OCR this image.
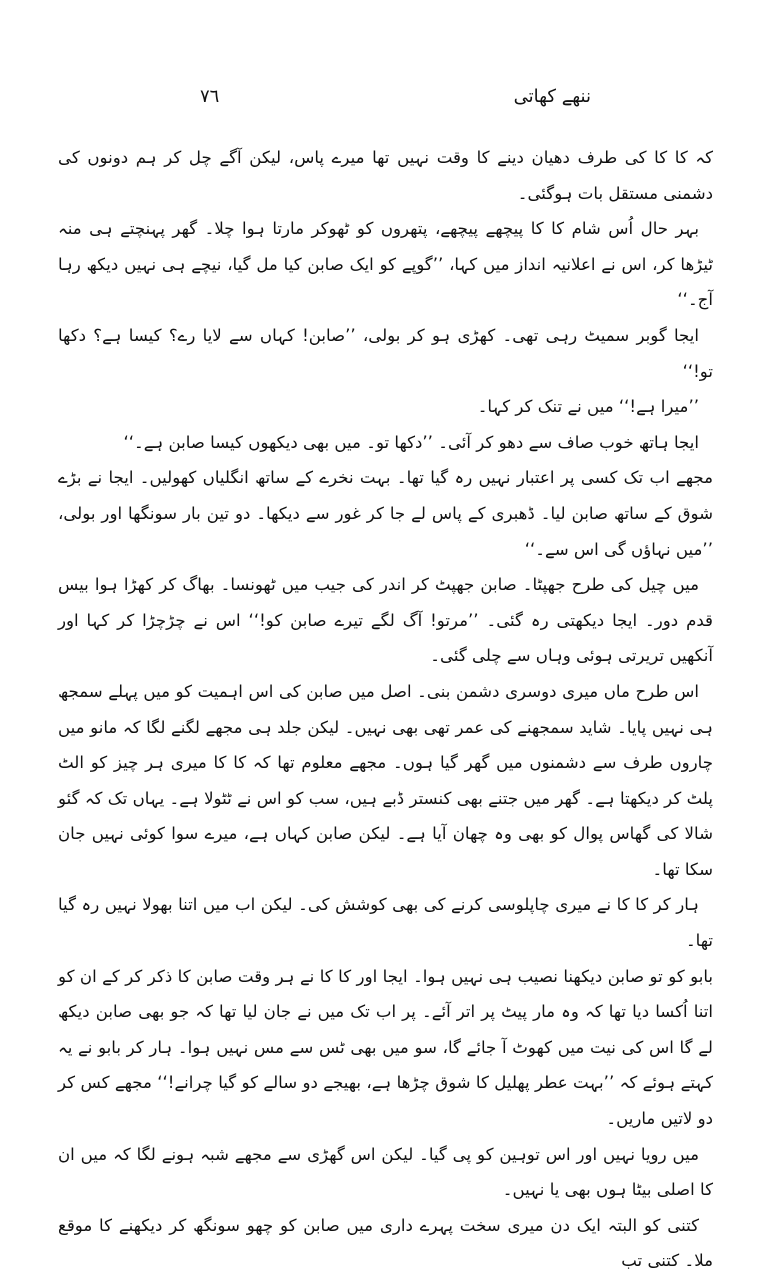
۷٦	ننھے کھاتی

کہ کا کا کی طرف دھیان دینے کا وقت نہیں تھا میرے پاس، لیکن آگے چل کر ہم دونوں کی دشمنی مستقل بات ہوگئی۔

بہر حال اُس شام کا کا پیچھے پیچھے، پتھروں کو ٹھوکر مارتا ہوا چلا۔ گھر پہنچتے ہی منہ ٹیڑھا کر، اس نے اعلانیہ انداز میں کہا، ’’گوپے کو ایک صابن کیا مل گیا، نیچے ہی نہیں دیکھ رہا آج۔‘‘

ایجا گوبر سمیٹ رہی تھی۔ کھڑی ہو کر بولی، ’’صابن! کہاں سے لایا رے؟ کیسا ہے؟ دکھا تو!‘‘

’’میرا ہے!‘‘ میں نے تنک کر کہا۔

ایجا ہاتھ خوب صاف سے دھو کر آئی۔ ’’دکھا تو۔ میں بھی دیکھوں کیسا صابن ہے۔‘‘

مجھے اب تک کسی پر اعتبار نہیں رہ گیا تھا۔ بہت نخرے کے ساتھ انگلیاں کھولیں۔ ایجا نے بڑے شوق کے ساتھ صابن لیا۔ ڈھبری کے پاس لے جا کر غور سے دیکھا۔ دو تین بار سونگھا اور بولی، ’’میں نہاؤں گی اس سے۔‘‘

میں چیل کی طرح جھپٹا۔ صابن جھپٹ کر اندر کی جیب میں ٹھونسا۔ بھاگ کر کھڑا ہوا بیس قدم دور۔ ایجا دیکھتی رہ گئی۔ ’’مرتو! آگ لگے تیرے صابن کو!‘‘ اس نے چڑچڑا کر کہا اور آنکھیں تریرتی ہوئی وہاں سے چلی گئی۔

اس طرح ماں میری دوسری دشمن بنی۔ اصل میں صابن کی اس اہمیت کو میں پہلے سمجھ ہی نہیں پایا۔ شاید سمجھنے کی عمر تھی بھی نہیں۔ لیکن جلد ہی مجھے لگنے لگا کہ مانو میں چاروں طرف سے دشمنوں میں گھر گیا ہوں۔ مجھے معلوم تھا کہ کا کا میری ہر چیز کو الٹ پلٹ کر دیکھتا ہے۔ گھر میں جتنے بھی کنستر ڈبے ہیں، سب کو اس نے ٹٹولا ہے۔ یہاں تک کہ گئو شالا کی گھاس پوال کو بھی وہ چھان آیا ہے۔ لیکن صابن کہاں ہے، میرے سوا کوئی نہیں جان سکا تھا۔

ہار کر کا کا نے میری چاپلوسی کرنے کی بھی کوشش کی۔ لیکن اب میں اتنا بھولا نہیں رہ گیا تھا۔

بابو کو تو صابن دیکھنا نصیب ہی نہیں ہوا۔ ایجا اور کا کا نے ہر وقت صابن کا ذکر کر کے ان کو اتنا اُکسا دیا تھا کہ وہ مار پیٹ پر اتر آئے۔ پر اب تک میں نے جان لیا تھا کہ جو بھی صابن دیکھ لے گا اس کی نیت میں کھوٹ آ جائے گا، سو میں بھی ٹس سے مس نہیں ہوا۔ ہار کر بابو نے یہ کہتے ہوئے کہ ’’بہت عطر پھلیل کا شوق چڑھا ہے، بھیجے دو سالے کو گیا چرانے!‘‘ مجھے کس کر دو لاتیں ماریں۔

میں رویا نہیں اور اس توہین کو پی گیا۔ لیکن اس گھڑی سے مجھے شبہ ہونے لگا کہ میں ان کا اصلی بیٹا ہوں بھی یا نہیں۔

کتنی کو البتہ ایک دن میری سخت پہرے داری میں صابن کو چھو سونگھ کر دیکھنے کا موقع ملا۔ کتنی تب
